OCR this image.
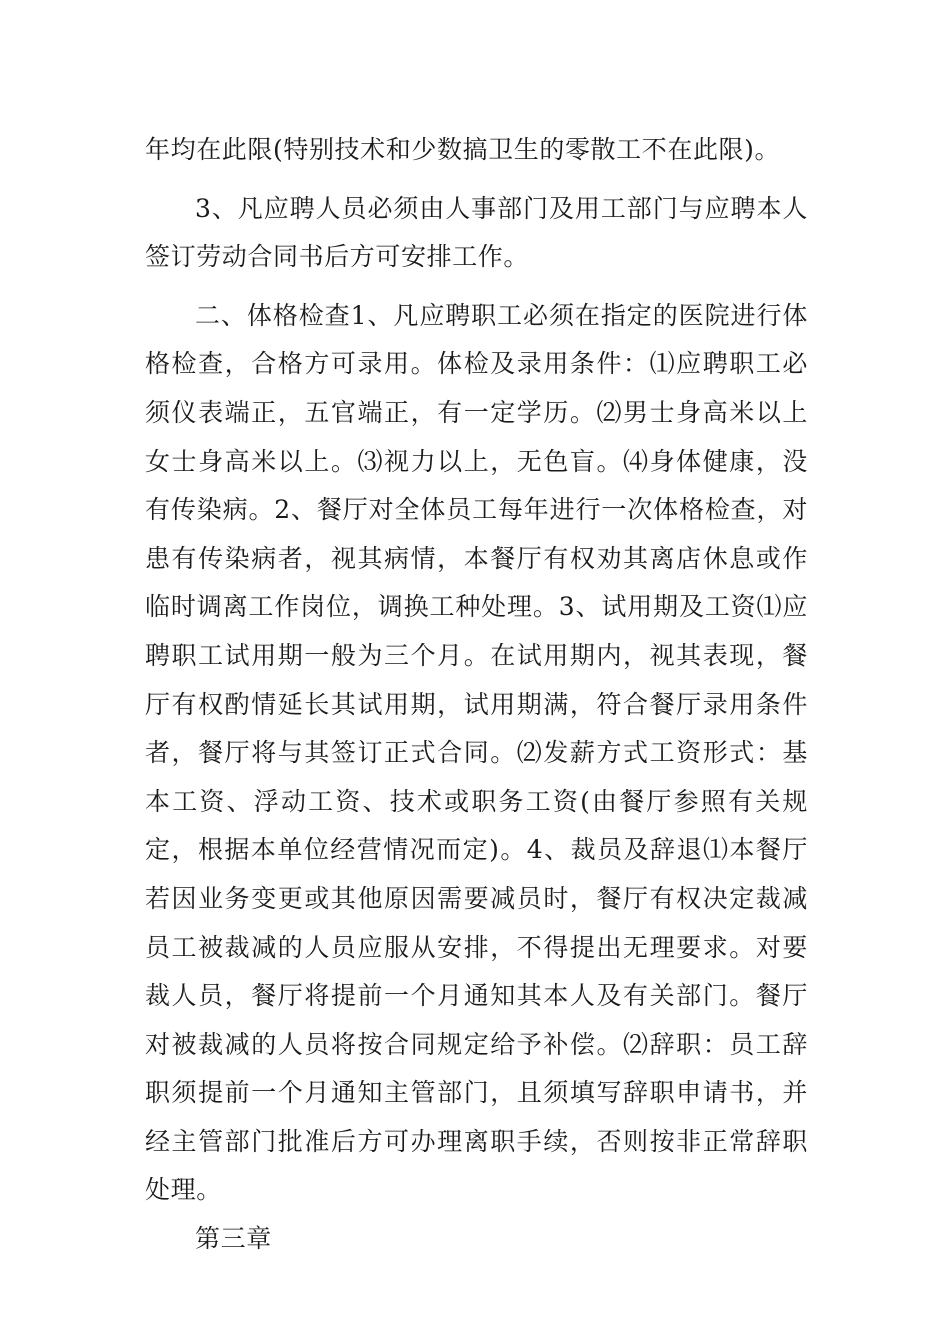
年均在此限(特别技术和少数搞卫生的零散工不在此限)。

3、凡应聘人员必须由人事部门及用工部门与应聘本人签订劳动合同书后方可安排工作。

二、体格检查1、凡应聘职工必须在指定的医院进行体格检查，合格方可录用。体检及录用条件：⑴应聘职工必须仪表端正，五官端正，有一定学历。⑵男士身高米以上女士身高米以上。⑶视力以上，无色盲。⑷身体健康，没有传染病。2、餐厅对全体员工每年进行一次体格检查，对患有传染病者，视其病情，本餐厅有权劝其离店休息或作临时调离工作岗位，调换工种处理。3、试用期及工资⑴应聘职工试用期一般为三个月。在试用期内，视其表现，餐厅有权酌情延长其试用期，试用期满，符合餐厅录用条件者，餐厅将与其签订正式合同。⑵发薪方式工资形式：基本工资、浮动工资、技术或职务工资(由餐厅参照有关规定，根据本单位经营情况而定)。4、裁员及辞退⑴本餐厅若因业务变更或其他原因需要减员时，餐厅有权决定裁减员工被裁减的人员应服从安排，不得提出无理要求。对要裁人员，餐厅将提前一个月通知其本人及有关部门。餐厅对被裁减的人员将按合同规定给予补偿。⑵辞职：员工辞职须提前一个月通知主管部门，且须填写辞职申请书，并经主管部门批准后方可办理离职手续，否则按非正常辞职处理。

第三章
